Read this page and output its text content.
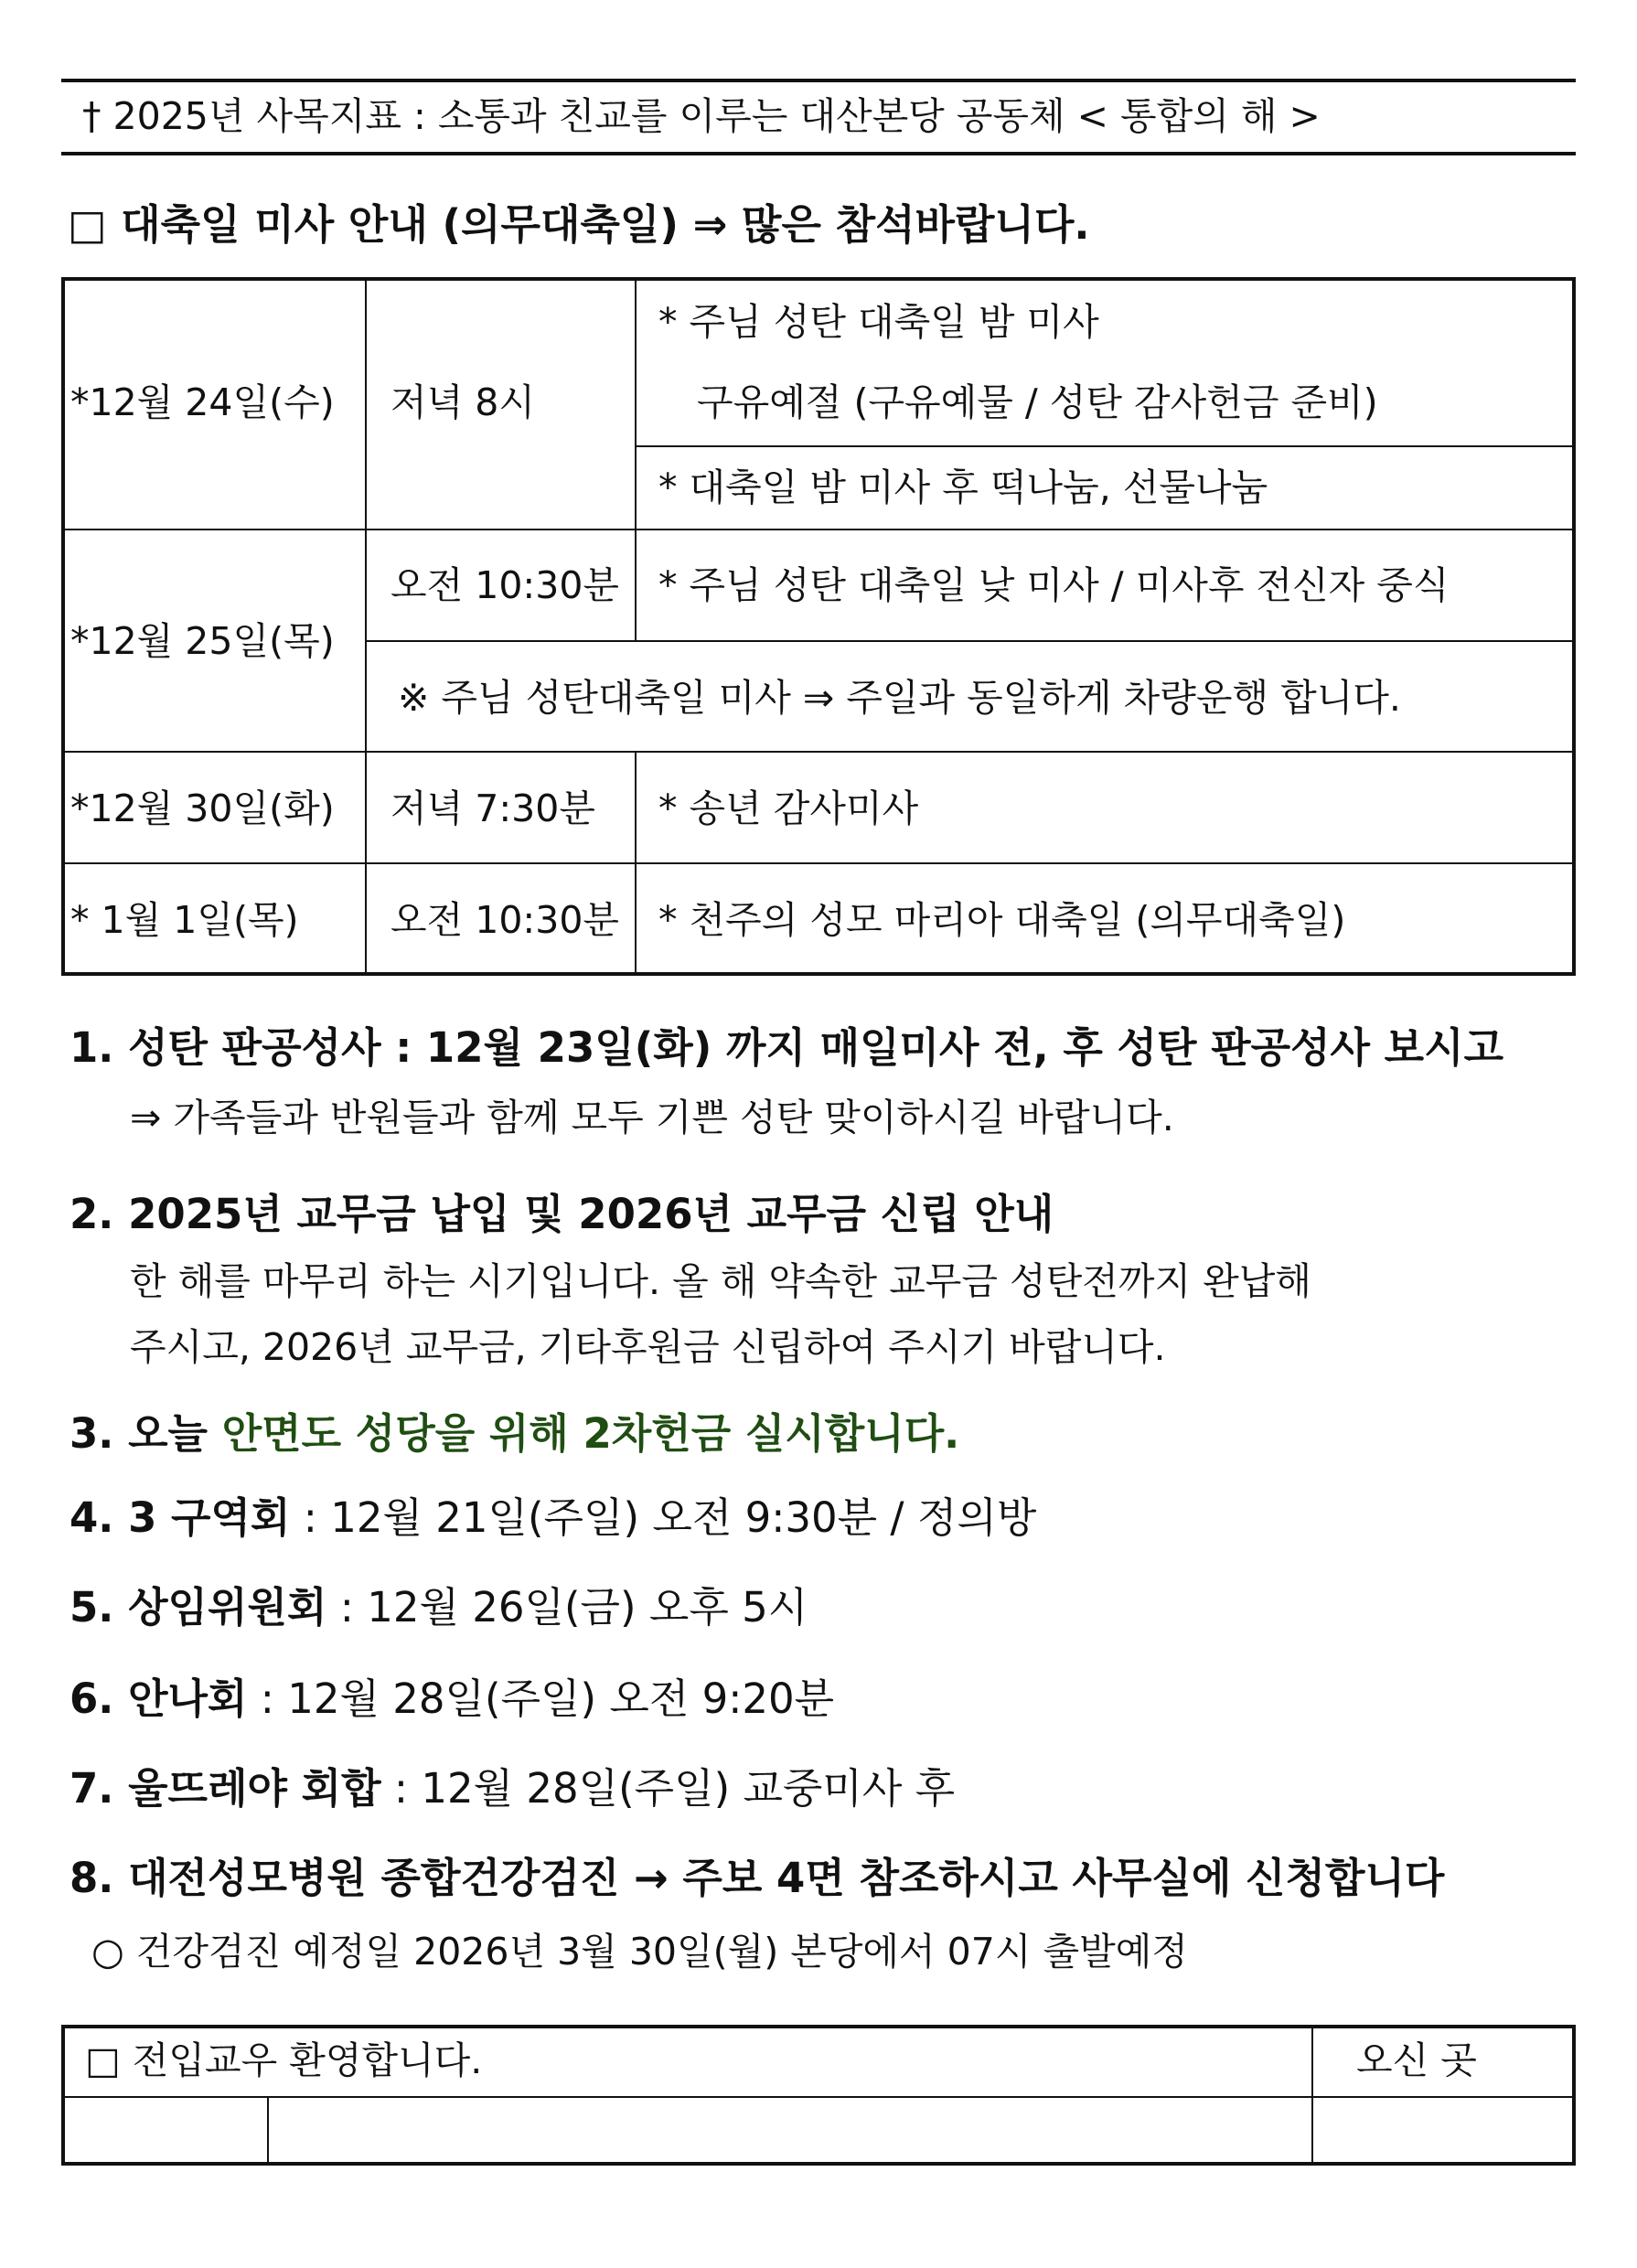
† 2025년 사목지표 : 소통과 친교를 이루는 대산본당 공동체 < 통합의 해 >
□ 대축일 미사 안내 (의무대축일) ⇒ 많은 참석바랍니다.
*12월 24일(수) 저녁 8시
* 주님 성탄 대축일 밤 미사
구유예절 (구유예물 / 성탄 감사헌금 준비)
* 대축일 밤 미사 후 떡나눔, 선물나눔
*12월 25일(목)
오전 10:30분 * 주님 성탄 대축일 낮 미사 / 미사후 전신자 중식
※ 주님 성탄대축일 미사 ⇒ 주일과 동일하게 차량운행 합니다.
*12월 30일(화) 저녁 7:30분 * 송년 감사미사
* 1월 1일(목) 오전 10:30분 * 천주의 성모 마리아 대축일 (의무대축일)
1. 성탄 판공성사 : 12월 23일(화) 까지 매일미사 전, 후 성탄 판공성사 보시고
⇒ 가족들과 반원들과 함께 모두 기쁜 성탄 맞이하시길 바랍니다.
2. 2025년 교무금 납입 및 2026년 교무금 신립 안내
한 해를 마무리 하는 시기입니다. 올 해 약속한 교무금 성탄전까지 완납해
주시고, 2026년 교무금, 기타후원금 신립하여 주시기 바랍니다.
3. 오늘 안면도 성당을 위해 2차헌금 실시합니다.
4. 3 구역회 : 12월 21일(주일) 오전 9:30분 / 정의방
5. 상임위원회 : 12월 26일(금) 오후 5시
6. 안나회 : 12월 28일(주일) 오전 9:20분
7. 울뜨레야 회합 : 12월 28일(주일) 교중미사 후
8. 대전성모병원 종합건강검진 → 주보 4면 참조하시고 사무실에 신청합니다
○ 건강검진 예정일 2026년 3월 30일(월) 본당에서 07시 출발예정
□ 전입교우 환영합니다.	오신 곳
